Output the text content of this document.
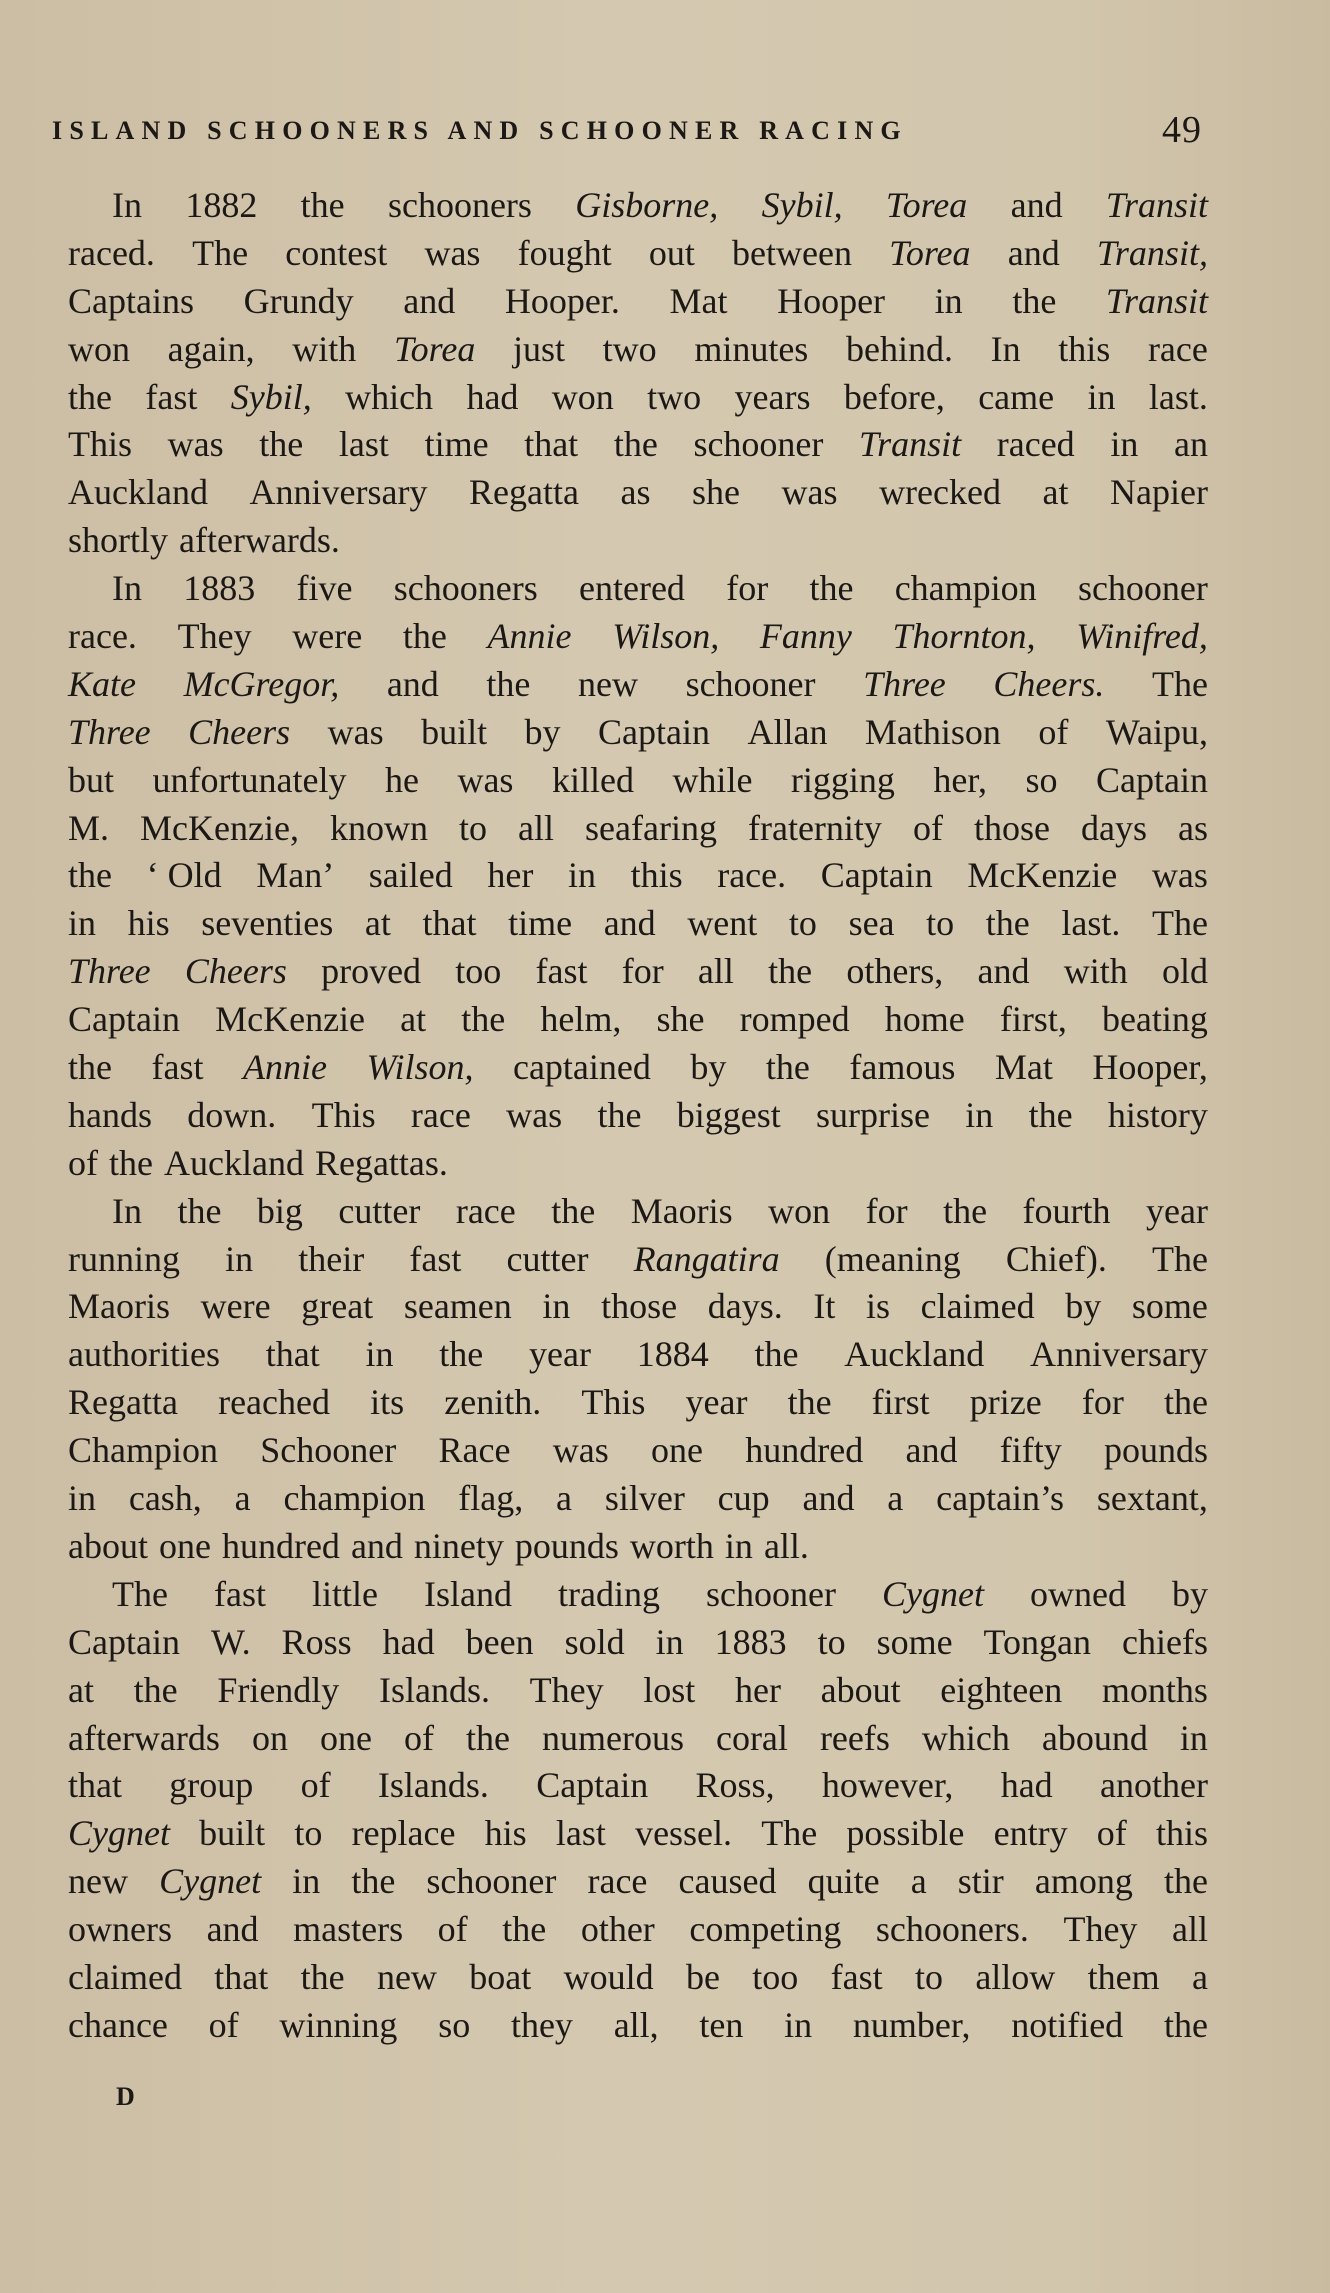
ISLAND SCHOONERS AND SCHOONER RACING	49
In 1882 the schooners Gisborne, Sybil, Torea and Transit
raced. The contest was fought out between Torea and Transit,
Captains Grundy and Hooper. Mat Hooper in the Transit
won again, with Torea just two minutes behind. In this race
the fast Sybil, which had won two years before, came in last.
This was the last time that the schooner Transit raced in an
Auckland Anniversary Regatta as she was wrecked at Napier
shortly afterwards.
In 1883 five schooners entered for the champion schooner
race. They were the Annie Wilson, Fanny Thornton, Winifred,
Kate McGregor, and the new schooner Three Cheers. The
Three Cheers was built by Captain Allan Mathison of Waipu,
but unfortunately he was killed while rigging her, so Captain
M. McKenzie, known to all seafaring fraternity of those days as
the ‘ Old Man’ sailed her in this race. Captain McKenzie was
in his seventies at that time and went to sea to the last. The
Three Cheers proved too fast for all the others, and with old
Captain McKenzie at the helm, she romped home first, beating
the fast Annie Wilson, captained by the famous Mat Hooper,
hands down. This race was the biggest surprise in the history
of the Auckland Regattas.
In the big cutter race the Maoris won for the fourth year
running in their fast cutter Rangatira (meaning Chief). The
Maoris were great seamen in those days. It is claimed by some
authorities that in the year 1884 the Auckland Anniversary
Regatta reached its zenith. This year the first prize for the
Champion Schooner Race was one hundred and fifty pounds
in cash, a champion flag, a silver cup and a captain’s sextant,
about one hundred and ninety pounds worth in all.
The fast little Island trading schooner Cygnet owned by
Captain W. Ross had been sold in 1883 to some Tongan chiefs
at the Friendly Islands. They lost her about eighteen months
afterwards on one of the numerous coral reefs which abound in
that group of Islands. Captain Ross, however, had another
Cygnet built to replace his last vessel. The possible entry of this
new Cygnet in the schooner race caused quite a stir among the
owners and masters of the other competing schooners. They all
claimed that the new boat would be too fast to allow them a
chance of winning so they all, ten in number, notified the
D
